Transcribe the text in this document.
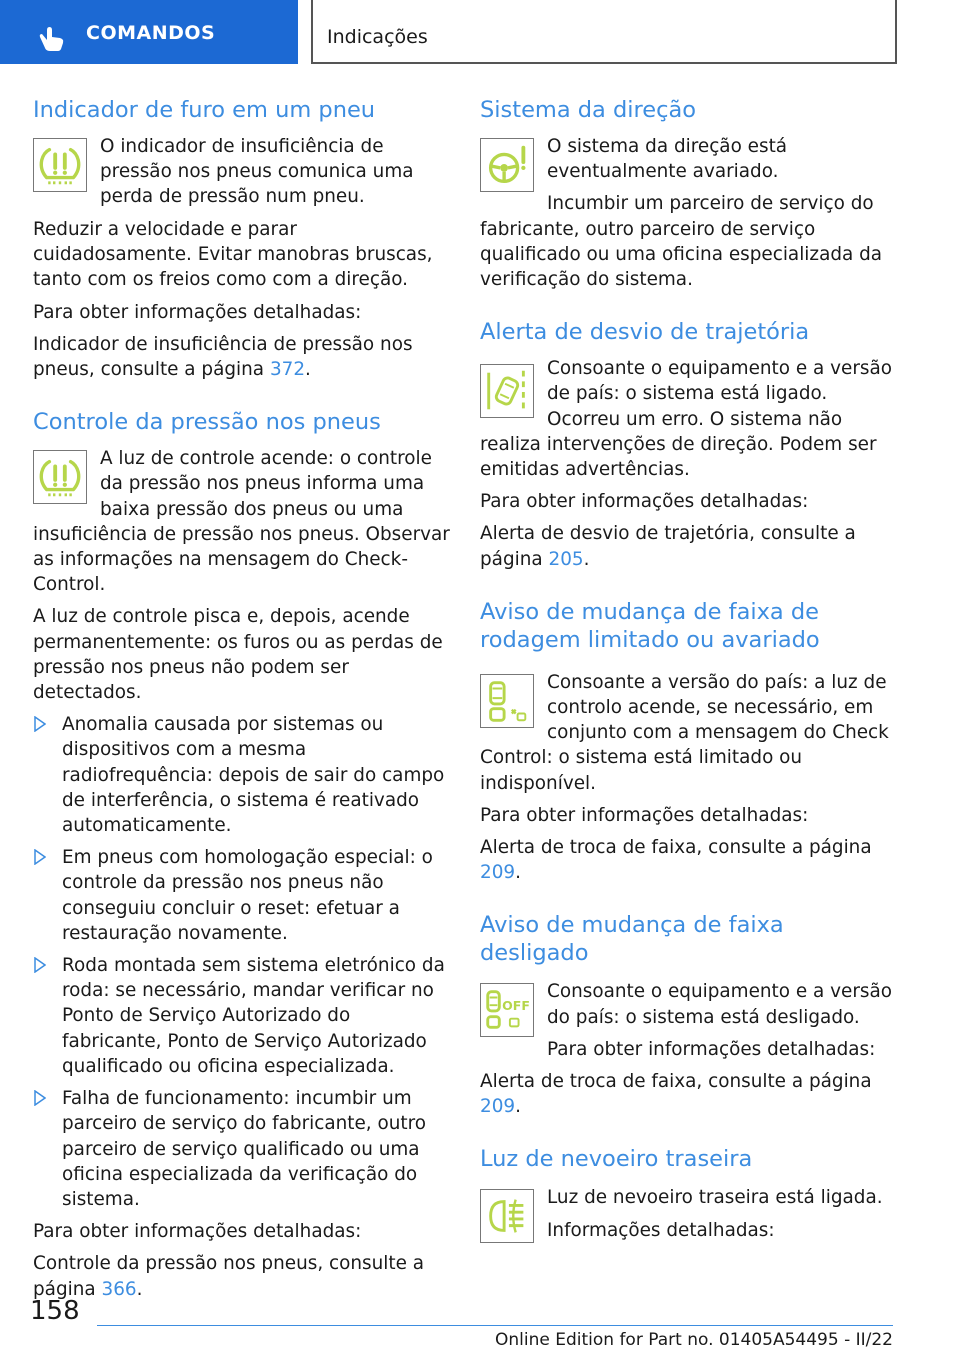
COMANDOS	Indicações
Indicador de furo em um pneu

O indicador de insuficiência de pressão nos pneus comunica uma perda de pressão num pneu.

Reduzir a velocidade e parar cuidadosamente. Evitar manobras bruscas, tanto com os freios como com a direção.

Para obter informações detalhadas:

Indicador de insuficiência de pressão nos pneus, consulte a página 372.

Controle da pressão nos pneus

A luz de controle acende: o controle da pressão nos pneus informa uma baixa pressão dos pneus ou uma insuficiência de pressão nos pneus. Observar as informações na mensagem do Check-Control.

A luz de controle pisca e, depois, acende permanentemente: os furos ou as perdas de pressão nos pneus não podem ser detectados.

Anomalia causada por sistemas ou dispositivos com a mesma radiofrequência: depois de sair do campo de interferência, o sistema é reativado automaticamente.
Em pneus com homologação especial: o controle da pressão nos pneus não conseguiu concluir o reset: efetuar a restauração novamente.
Roda montada sem sistema eletrónico da roda: se necessário, mandar verificar no Ponto de Serviço Autorizado do fabricante, Ponto de Serviço Autorizado qualificado ou oficina especializada.
Falha de funcionamento: incumbir um parceiro de serviço do fabricante, outro parceiro de serviço qualificado ou uma oficina especializada da verificação do sistema.

Para obter informações detalhadas:

Controle da pressão nos pneus, consulte a página 366.

Sistema da direção

O sistema da direção está eventualmente avariado.

Incumbir um parceiro de serviço do fabricante, outro parceiro de serviço qualificado ou uma oficina especializada da verificação do sistema.

Alerta de desvio de trajetória

Consoante o equipamento e a versão de país: o sistema está ligado. Ocorreu um erro. O sistema não realiza intervenções de direção. Podem ser emitidas advertências.

Para obter informações detalhadas:

Alerta de desvio de trajetória, consulte a página 205.

Aviso de mudança de faixa de rodagem limitado ou avariado

Consoante a versão do país: a luz de controlo acende, se necessário, em conjunto com a mensagem do Check Control: o sistema está limitado ou indisponível.

Para obter informações detalhadas:

Alerta de troca de faixa, consulte a página 209.

Aviso de mudança de faixa desligado
OFF

Consoante o equipamento e a versão do país: o sistema está desligado.

Para obter informações detalhadas:

Alerta de troca de faixa, consulte a página 209.

Luz de nevoeiro traseira

Luz de nevoeiro traseira está ligada.

Informações detalhadas:

158
Online Edition for Part no. 01405A54495 - II/22
